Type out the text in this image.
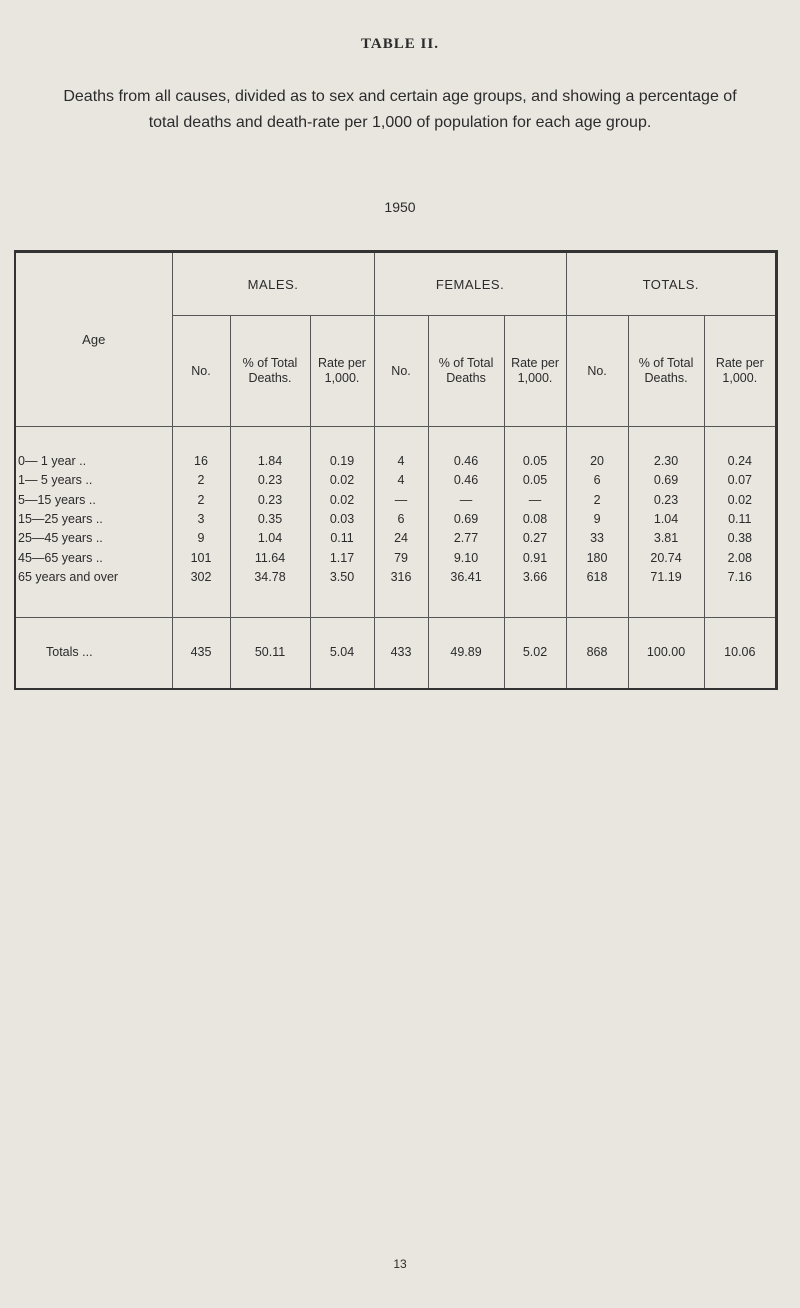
TABLE II.
Deaths from all causes, divided as to sex and certain age groups, and showing a percentage of total deaths and death-rate per 1,000 of population for each age group.
1950
Age	MALES.			FEMALES.			TOTALS.		
	No.	% of Total Deaths.	Rate per 1,000.	No.	% of Total Deaths	Rate per 1,000.	No.	% of Total Deaths.	Rate per 1,000.

0— 1 year ..	16	1.84	0.19	4	0.46	0.05	20	2.30	0.24
1— 5 years ..	2	0.23	0.02	4	0.46	0.05	6	0.69	0.07
5—15 years ..	2	0.23	0.02	—	—	—	2	0.23	0.02
15—25 years ..	3	0.35	0.03	6	0.69	0.08	9	1.04	0.11
25—45 years ..	9	1.04	0.11	24	2.77	0.27	33	3.81	0.38
45—65 years ..	101	11.64	1.17	79	9.10	0.91	180	20.74	2.08
65 years and over	302	34.78	3.50	316	36.41	3.66	618	71.19	7.16

Totals ...	435	50.11	5.04	433	49.89	5.02	868	100.00	10.06
13
